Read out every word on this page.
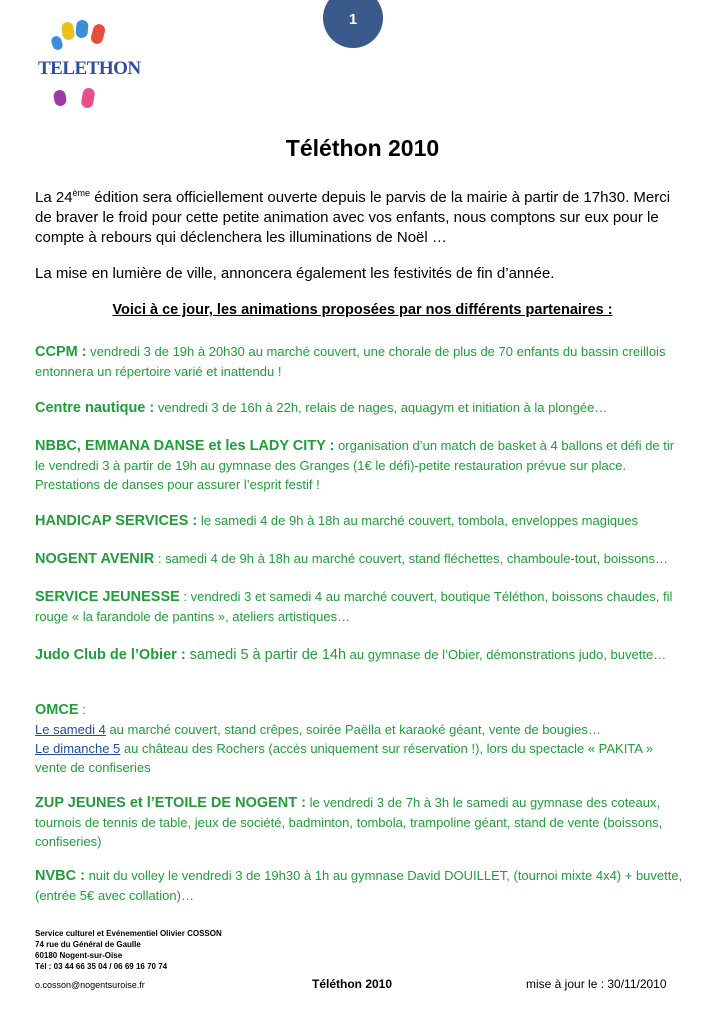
1
TELETHON
Téléthon 2010
La 24ème édition sera officiellement ouverte depuis le parvis de la mairie à partir de 17h30. Merci de braver le froid pour cette petite animation avec vos enfants, nous comptons sur eux pour le compte à rebours qui déclenchera les illuminations de Noël …
La mise en lumière de ville, annoncera également les festivités de fin d’année.
Voici à ce jour, les animations proposées par nos différents partenaires :
CCPM : vendredi 3 de 19h à 20h30 au marché couvert, une chorale de plus de 70 enfants du bassin creillois entonnera un répertoire varié et inattendu !
Centre nautique : vendredi 3 de 16h à 22h, relais de nages, aquagym et initiation à la plongée…
NBBC, EMMANA DANSE et les LADY CITY : organisation d’un match de basket à 4 ballons et défi de tir le vendredi 3 à partir de 19h au gymnase des Granges (1€ le défi)-petite restauration prévue sur place. Prestations de danses pour assurer l’esprit festif !
HANDICAP SERVICES : le samedi 4 de 9h à 18h au marché couvert, tombola, enveloppes magiques
NOGENT AVENIR : samedi 4 de 9h à 18h au marché couvert, stand fléchettes, chamboule-tout, boissons…
SERVICE JEUNESSE : vendredi 3 et samedi 4 au marché couvert, boutique Téléthon, boissons chaudes, fil rouge « la farandole de pantins », ateliers artistiques…
Judo Club de l’Obier : samedi 5 à partir de 14h au gymnase de l’Obier, démonstrations judo, buvette…
OMCE :
Le samedi 4 au marché couvert, stand crêpes, soirée Paëlla et karaoké géant, vente de bougies…
Le dimanche 5 au château des Rochers (accès uniquement sur réservation !), lors du spectacle « PAKITA » vente de confiseries
ZUP JEUNES et l’ETOILE DE NOGENT : le vendredi 3 de 7h à 3h le samedi au gymnase des coteaux,
tournois de tennis de table, jeux de société, badminton, tombola, trampoline géant, stand de vente (boissons, confiseries)
NVBC : nuit du volley le vendredi 3 de 19h30 à 1h au gymnase David DOUILLET, (tournoi mixte 4x4) + buvette, (entrée 5€ avec collation)…
Service culturel et Evénementiel Olivier COSSON
74 rue du Général de Gaulle
60180 Nogent-sur-Oise
Tél : 03 44 66 35 04 / 06 69 16 70 74
o.cosson@nogentsuroise.fr	Téléthon 2010	mise à jour le : 30/11/2010
